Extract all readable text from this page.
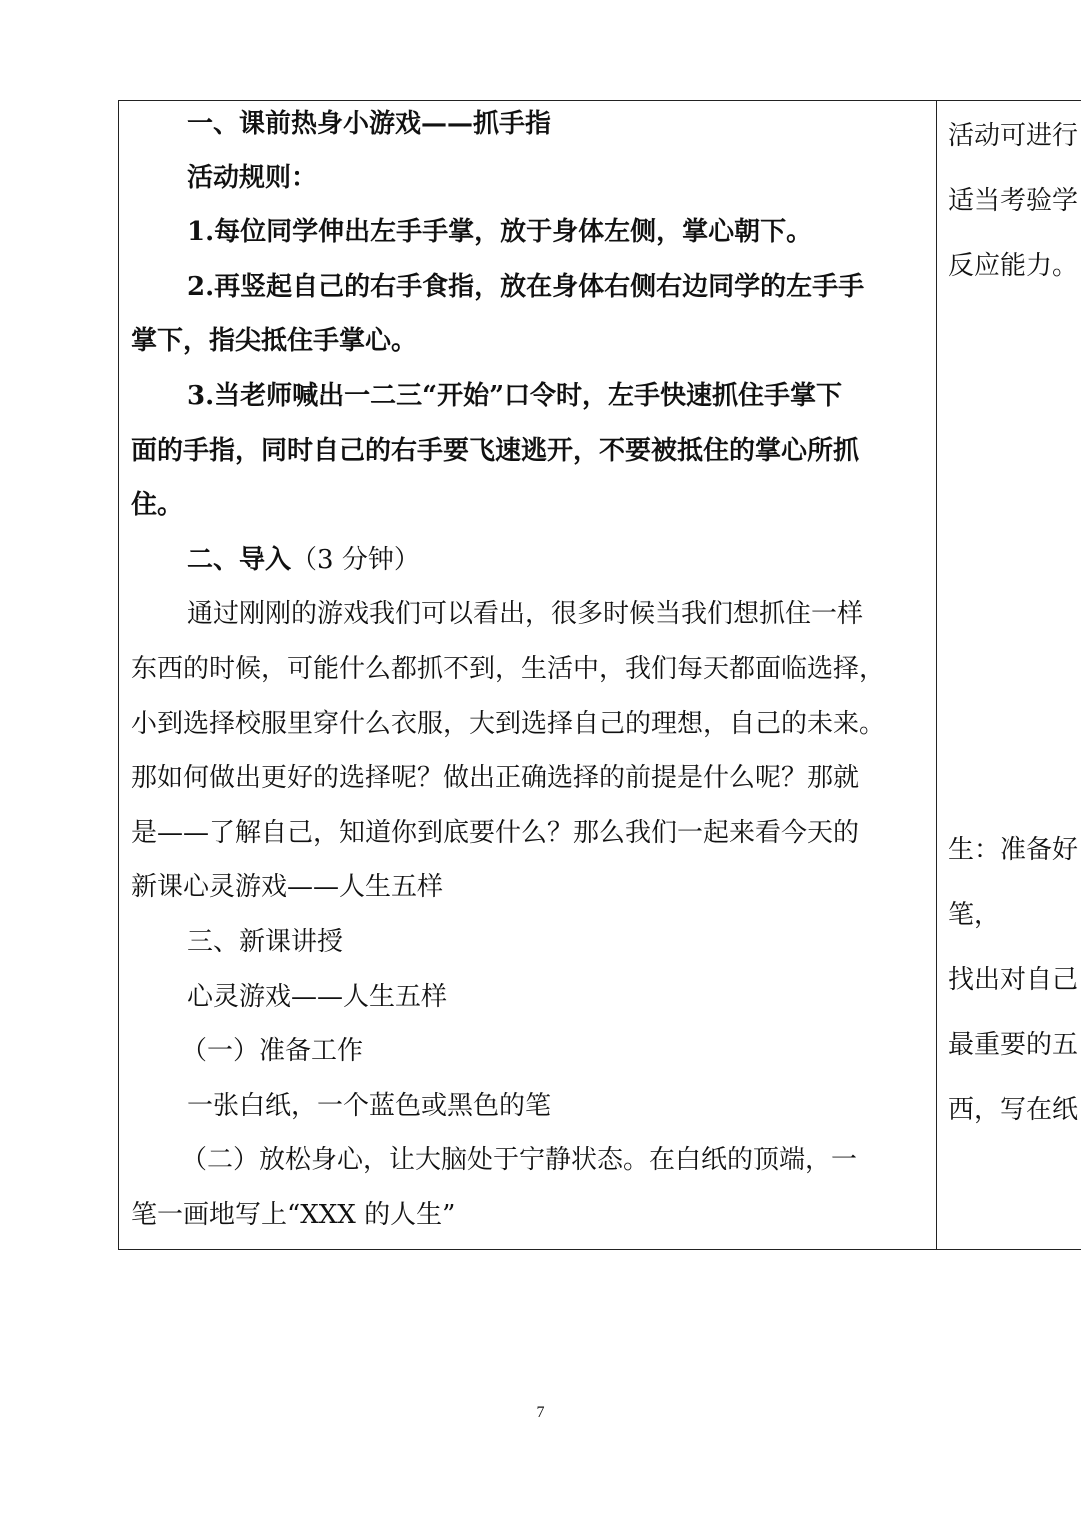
一、课前热身小游戏——抓手指
活动规则：
1.每位同学伸出左手手掌，放于身体左侧，掌心朝下。
2.再竖起自己的右手食指，放在身体右侧右边同学的左手手
掌下，指尖抵住手掌心。
3.当老师喊出一二三“开始”口令时，左手快速抓住手掌下
面的手指，同时自己的右手要飞速逃开，不要被抵住的掌心所抓
住。
二、导入（3 分钟）
通过刚刚的游戏我们可以看出，很多时候当我们想抓住一样
东西的时候，可能什么都抓不到，生活中，我们每天都面临选择，
小到选择校服里穿什么衣服，大到选择自己的理想，自己的未来。
那如何做出更好的选择呢？做出正确选择的前提是什么呢？那就
是——了解自己，知道你到底要什么？那么我们一起来看今天的
新课心灵游戏——人生五样
三、新课讲授
心灵游戏——人生五样
（一）准备工作
一张白纸，一个蓝色或黑色的笔
（二）放松身心，让大脑处于宁静状态。在白纸的顶端，一
笔一画地写上“XXX 的人生”
活动可进行
适当考验学
反应能力。
生：准备好
笔，
找出对自己
最重要的五
西，写在纸
7
